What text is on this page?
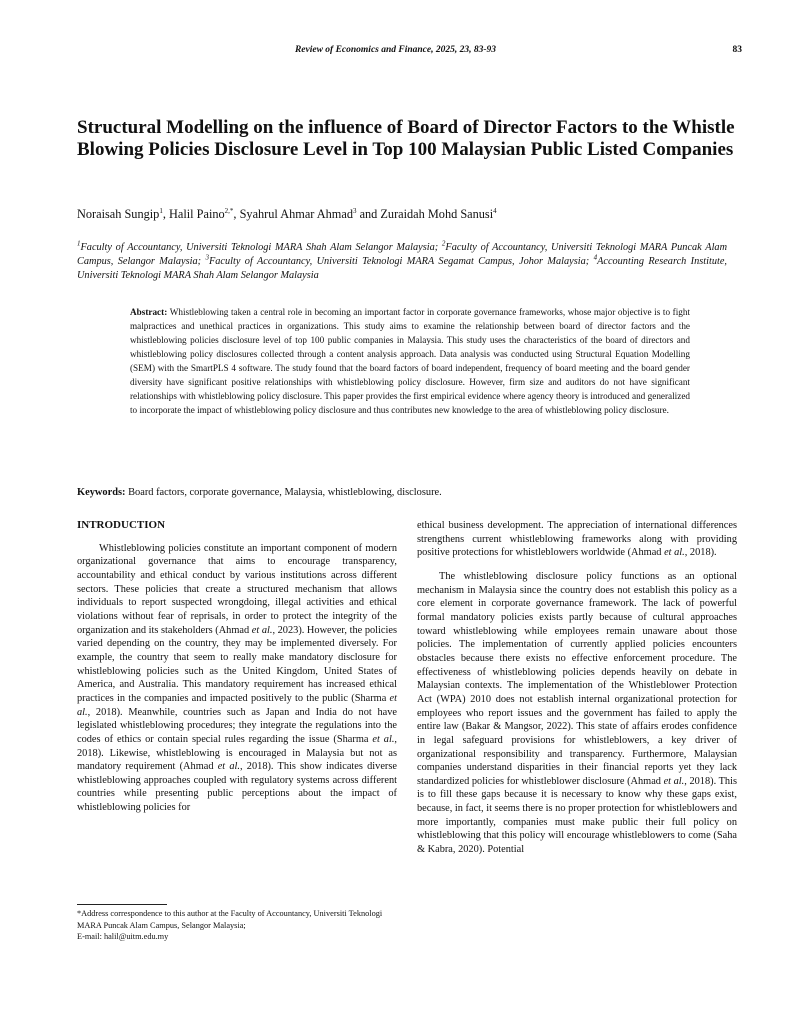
Review of Economics and Finance, 2025, 23, 83-93	83
Structural Modelling on the influence of Board of Director Factors to the Whistle Blowing Policies Disclosure Level in Top 100 Malaysian Public Listed Companies
Noraisah Sungip$^1$, Halil Paino$^{2,*}$, Syahrul Ahmar Ahmad$^3$ and Zuraidah Mohd Sanusi$^4$
$^1$Faculty of Accountancy, Universiti Teknologi MARA Shah Alam Selangor Malaysia; $^2$Faculty of Accountancy, Universiti Teknologi MARA Puncak Alam Campus, Selangor Malaysia; $^3$Faculty of Accountancy, Universiti Teknologi MARA Segamat Campus, Johor Malaysia; $^4$Accounting Research Institute, Universiti Teknologi MARA Shah Alam Selangor Malaysia
Abstract: Whistleblowing taken a central role in becoming an important factor in corporate governance frameworks, whose major objective is to fight malpractices and unethical practices in organizations. This study aims to examine the relationship between board of director factors and the whistleblowing policies disclosure level of top 100 public companies in Malaysia. This study uses the characteristics of the board of directors and whistleblowing policy disclosures collected through a content analysis approach. Data analysis was conducted using Structural Equation Modelling (SEM) with the SmartPLS 4 software. The study found that the board factors of board independent, frequency of board meeting and the board gender diversity have significant positive relationships with whistleblowing policy disclosure. However, firm size and auditors do not have significant relationships with whistleblowing policy disclosure. This paper provides the first empirical evidence where agency theory is introduced and generalized to incorporate the impact of whistleblowing policy disclosure and thus contributes new knowledge to the area of whistleblowing policy disclosure.
Keywords: Board factors, corporate governance, Malaysia, whistleblowing, disclosure.
INTRODUCTION

Whistleblowing policies constitute an important component of modern organizational governance that aims to encourage transparency, accountability and ethical conduct by various institutions across different sectors. These policies that create a structured mechanism that allows individuals to report suspected wrongdoing, illegal activities and ethical violations without fear of reprisals, in order to protect the integrity of the organization and its stakeholders (Ahmad et al., 2023). However, the policies varied depending on the country, they may be implemented diversely. For example, the country that seem to really make mandatory disclosure for whistleblowing policies such as the United Kingdom, United States of America, and Australia. This mandatory requirement has increased ethical practices in the companies and impacted positively to the public (Sharma et al., 2018). Meanwhile, countries such as Japan and India do not have legislated whistleblowing procedures; they integrate the regulations into the codes of ethics or contain special rules regarding the issue (Sharma et al., 2018). Likewise, whistleblowing is encouraged in Malaysia but not as mandatory requirement (Ahmad et al., 2018). This show indicates diverse whistleblowing approaches coupled with regulatory systems across different countries while presenting public perceptions about the impact of whistleblowing policies for

ethical business development. The appreciation of international differences strengthens current whistleblowing frameworks along with providing positive protections for whistleblowers worldwide (Ahmad et al., 2018).

The whistleblowing disclosure policy functions as an optional mechanism in Malaysia since the country does not establish this policy as a core element in corporate governance framework. The lack of powerful formal mandatory policies exists partly because of cultural approaches toward whistleblowing while employees remain unaware about those policies. The implementation of currently applied policies encounters obstacles because there exists no effective enforcement procedure. The effectiveness of whistleblowing policies depends heavily on debate in Malaysian contexts. The implementation of the Whistleblower Protection Act (WPA) 2010 does not establish internal organizational protection for employees who report issues and the government has failed to apply the entire law (Bakar & Mangsor, 2022). This state of affairs erodes confidence in legal safeguard provisions for whistleblowers, a key driver of organizational responsibility and transparency. Furthermore, Malaysian companies understand disparities in their financial reports yet they lack standardized policies for whistleblower disclosure (Ahmad et al., 2018). This is to fill these gaps because it is necessary to know why these gaps exist, because, in fact, it seems there is no proper protection for whistleblowers and more importantly, companies must make public their full policy on whistleblowing that this policy will encourage whistleblowers to come (Saha & Kabra, 2020). Potential

*Address correspondence to this author at the Faculty of Accountancy, Universiti Teknologi MARA Puncak Alam Campus, Selangor Malaysia;
E-mail: halil@uitm.edu.my
